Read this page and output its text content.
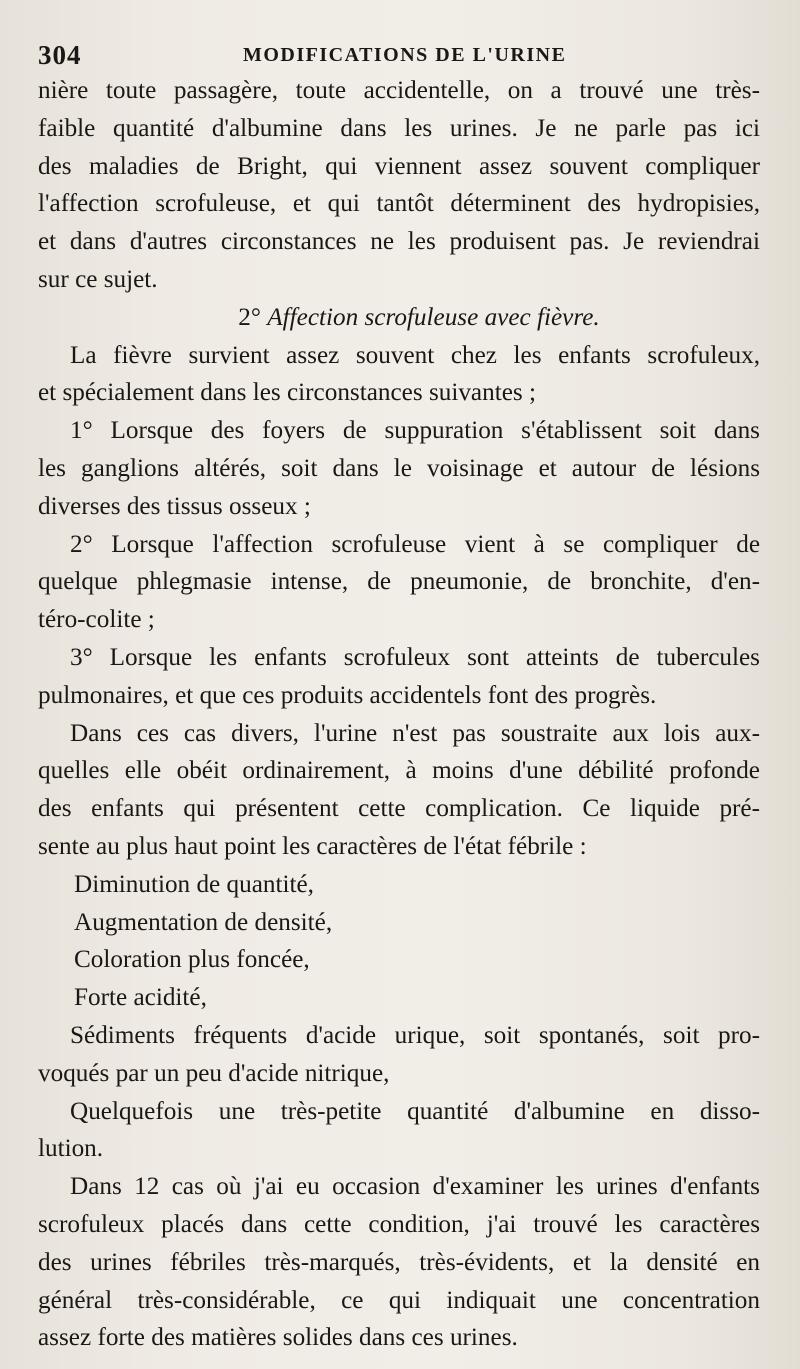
304	MODIFICATIONS DE L'URINE
nière toute passagère, toute accidentelle, on a trouvé une très-
faible quantité d'albumine dans les urines. Je ne parle pas ici
des maladies de Bright, qui viennent assez souvent compliquer
l'affection scrofuleuse, et qui tantôt déterminent des hydropisies,
et dans d'autres circonstances ne les produisent pas. Je reviendrai
sur ce sujet.
2° Affection scrofuleuse avec fièvre.
La fièvre survient assez souvent chez les enfants scrofuleux,
et spécialement dans les circonstances suivantes ;
1° Lorsque des foyers de suppuration s'établissent soit dans
les ganglions altérés, soit dans le voisinage et autour de lésions
diverses des tissus osseux ;
2° Lorsque l'affection scrofuleuse vient à se compliquer de
quelque phlegmasie intense, de pneumonie, de bronchite, d'en-
téro-colite ;
3° Lorsque les enfants scrofuleux sont atteints de tubercules
pulmonaires, et que ces produits accidentels font des progrès.
Dans ces cas divers, l'urine n'est pas soustraite aux lois aux-
quelles elle obéit ordinairement, à moins d'une débilité profonde
des enfants qui présentent cette complication. Ce liquide pré-
sente au plus haut point les caractères de l'état fébrile :
Diminution de quantité,
Augmentation de densité,
Coloration plus foncée,
Forte acidité,
Sédiments fréquents d'acide urique, soit spontanés, soit pro-
voqués par un peu d'acide nitrique,
Quelquefois une très-petite quantité d'albumine en disso-
lution.
Dans 12 cas où j'ai eu occasion d'examiner les urines d'enfants
scrofuleux placés dans cette condition, j'ai trouvé les caractères
des urines fébriles très-marqués, très-évidents, et la densité en
général très-considérable, ce qui indiquait une concentration
assez forte des matières solides dans ces urines.
